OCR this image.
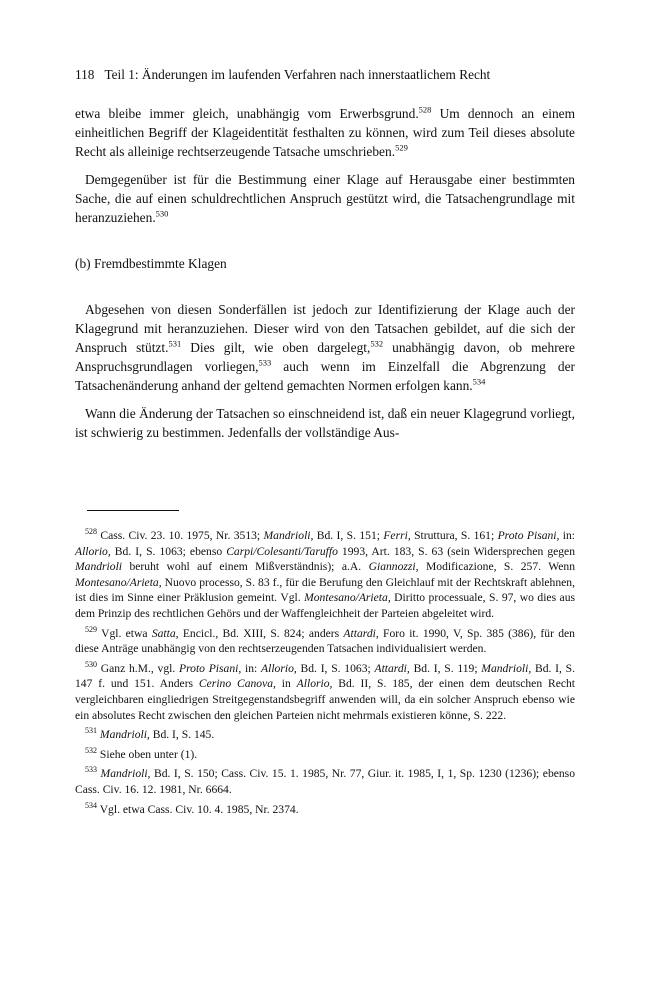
118 Teil 1: Änderungen im laufenden Verfahren nach innerstaatlichem Recht

etwa bleibe immer gleich, unabhängig vom Erwerbsgrund.$^{528}$ Um dennoch an einem einheitlichen Begriff der Klageidentität festhalten zu können, wird zum Teil dieses absolute Recht als alleinige rechtserzeugende Tatsache umschrieben.$^{529}$

Demgegenüber ist für die Bestimmung einer Klage auf Herausgabe einer bestimmten Sache, die auf einen schuldrechtlichen Anspruch gestützt wird, die Tatsachengrundlage mit heranzuziehen.$^{530}$

(b) Fremdbestimmte Klagen

Abgesehen von diesen Sonderfällen ist jedoch zur Identifizierung der Klage auch der Klagegrund mit heranzuziehen. Dieser wird von den Tatsachen gebildet, auf die sich der Anspruch stützt.$^{531}$ Dies gilt, wie oben dargelegt,$^{532}$ unabhängig davon, ob mehrere Anspruchsgrundlagen vorliegen,$^{533}$ auch wenn im Einzelfall die Abgrenzung der Tatsachenänderung anhand der geltend gemachten Normen erfolgen kann.$^{534}$

Wann die Änderung der Tatsachen so einschneidend ist, daß ein neuer Klagegrund vorliegt, ist schwierig zu bestimmen. Jedenfalls der vollständige Aus-

$^{528}$ Cass. Civ. 23. 10. 1975, Nr. 3513; Mandrioli, Bd. I, S. 151; Ferri, Struttura, S. 161; Proto Pisani, in: Allorio, Bd. I, S. 1063; ebenso Carpi/Colesanti/Taruffo 1993, Art. 183, S. 63 (sein Widersprechen gegen Mandrioli beruht wohl auf einem Mißverständnis); a.A. Giannozzi, Modificazione, S. 257. Wenn Montesano/Arieta, Nuovo processo, S. 83 f., für die Berufung den Gleichlauf mit der Rechtskraft ablehnen, ist dies im Sinne einer Präklusion gemeint. Vgl. Montesano/Arieta, Diritto processuale, S. 97, wo dies aus dem Prinzip des rechtlichen Gehörs und der Waffengleichheit der Parteien abgeleitet wird.

$^{529}$ Vgl. etwa Satta, Encicl., Bd. XIII, S. 824; anders Attardi, Foro it. 1990, V, Sp. 385 (386), für den diese Anträge unabhängig von den rechtserzeugenden Tatsachen individualisiert werden.

$^{530}$ Ganz h.M., vgl. Proto Pisani, in: Allorio, Bd. I, S. 1063; Attardi, Bd. I, S. 119; Mandrioli, Bd. I, S. 147 f. und 151. Anders Cerino Canova, in Allorio, Bd. II, S. 185, der einen dem deutschen Recht vergleichbaren eingliedrigen Streitgegenstandsbegriff anwenden will, da ein solcher Anspruch ebenso wie ein absolutes Recht zwischen den gleichen Parteien nicht mehrmals existieren könne, S. 222.

$^{531}$ Mandrioli, Bd. I, S. 145.

$^{532}$ Siehe oben unter (1).

$^{533}$ Mandrioli, Bd. I, S. 150; Cass. Civ. 15. 1. 1985, Nr. 77, Giur. it. 1985, I, 1, Sp. 1230 (1236); ebenso Cass. Civ. 16. 12. 1981, Nr. 6664.

$^{534}$ Vgl. etwa Cass. Civ. 10. 4. 1985, Nr. 2374.
